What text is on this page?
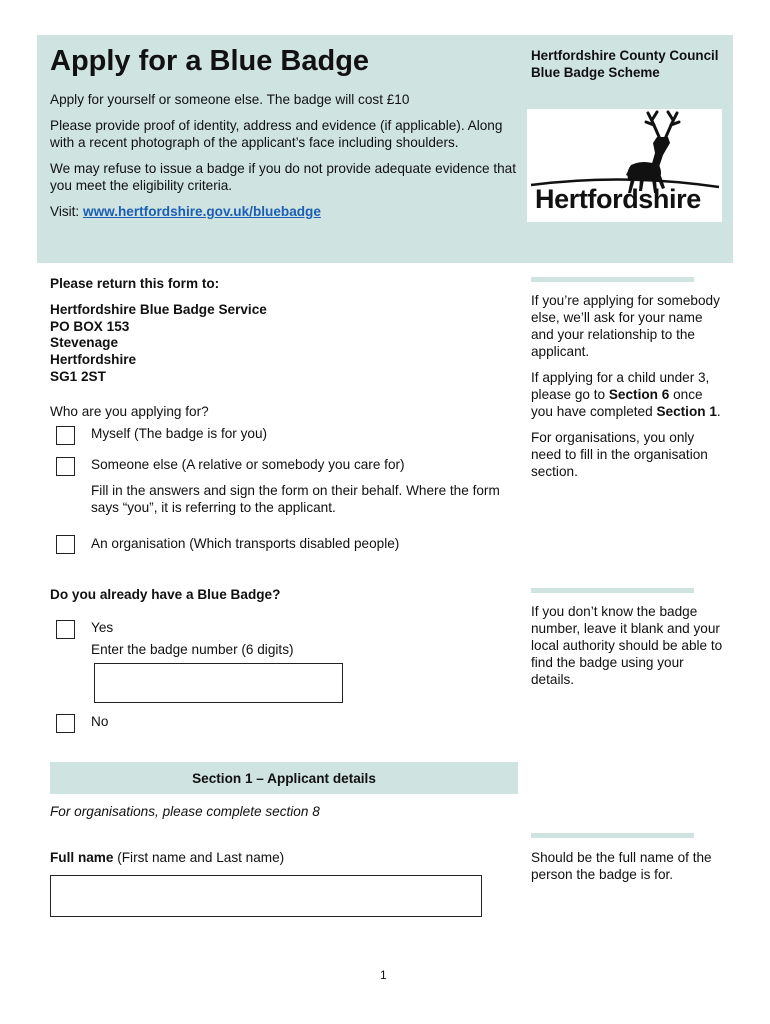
Apply for a Blue Badge

Apply for yourself or someone else. The badge will cost £10

Please provide proof of identity, address and evidence (if applicable). Along with a recent photograph of the applicant’s face including shoulders.

We may refuse to issue a badge if you do not provide adequate evidence that you meet the eligibility criteria.

Visit: www.hertfordshire.gov.uk/bluebadge

Hertfordshire County Council Blue Badge Scheme
Hertfordshire
Please return this form to:
Hertfordshire Blue Badge Service
PO BOX 153
Stevenage
Hertfordshire
SG1 2ST

If you’re applying for somebody else, we’ll ask for your name and your relationship to the applicant.

If applying for a child under 3, please go to Section 6 once you have completed Section 1.

For organisations, you only need to fill in the organisation section.

Who are you applying for?
Myself (The badge is for you)
Someone else (A relative or somebody you care for)
Fill in the answers and sign the form on their behalf. Where the form says “you”, it is referring to the applicant.
An organisation (Which transports disabled people)
Do you already have a Blue Badge?
If you don’t know the badge number, leave it blank and your local authority should be able to find the badge using your details.
Yes
Enter the badge number (6 digits)
No
Section 1 – Applicant details
For organisations, please complete section 8
Full name (First name and Last name)	Should be the full name of the person the badge is for.
1
